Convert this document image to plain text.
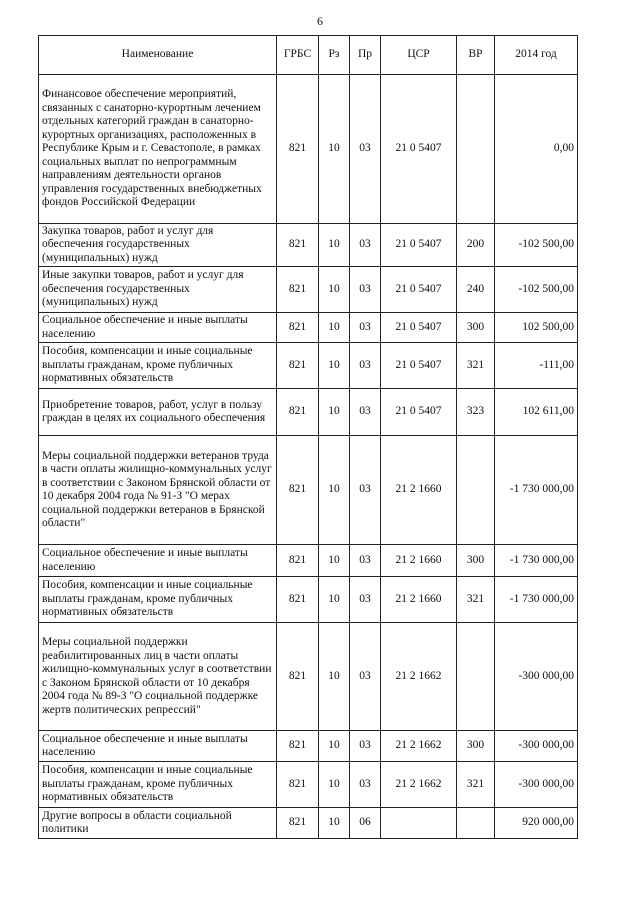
6
Наименование	ГРБС	Рз	Пр	ЦСР	ВР	2014 год
Финансовое обеспечение мероприятий, связанных с санаторно-курортным лечением отдельных категорий граждан в санаторно-курортных организациях, расположенных в Республике Крым и г. Севастополе, в рамках социальных выплат по непрограммным направлениям деятельности органов управления государственных внебюджетных фондов Российской Федерации	821	10	03	21 0 5407		0,00
Закупка товаров, работ и услуг для обеспечения государственных (муниципальных) нужд	821	10	03	21 0 5407	200	-102 500,00
Иные закупки товаров, работ и услуг для обеспечения государственных (муниципальных) нужд	821	10	03	21 0 5407	240	-102 500,00
Социальное обеспечение и иные выплаты населению	821	10	03	21 0 5407	300	102 500,00
Пособия, компенсации и иные социальные выплаты гражданам, кроме публичных нормативных обязательств	821	10	03	21 0 5407	321	-111,00
Приобретение товаров, работ, услуг в пользу граждан в целях их социального обеспечения	821	10	03	21 0 5407	323	102 611,00
Меры социальной поддержки ветеранов труда в части оплаты жилищно-коммунальных услуг в соответствии с Законом Брянской области от 10 декабря 2004 года № 91-З "О мерах социальной поддержки ветеранов в Брянской области"	821	10	03	21 2 1660		-1 730 000,00
Социальное обеспечение и иные выплаты населению	821	10	03	21 2 1660	300	-1 730 000,00
Пособия, компенсации и иные социальные выплаты гражданам, кроме публичных нормативных обязательств	821	10	03	21 2 1660	321	-1 730 000,00
Меры социальной поддержки реабилитированных лиц в части оплаты жилищно-коммунальных услуг в соответствии с Законом Брянской области от 10 декабря 2004 года № 89-З "О социальной поддержке жертв политических репрессий"	821	10	03	21 2 1662		-300 000,00
Социальное обеспечение и иные выплаты населению	821	10	03	21 2 1662	300	-300 000,00
Пособия, компенсации и иные социальные выплаты гражданам, кроме публичных нормативных обязательств	821	10	03	21 2 1662	321	-300 000,00
Другие вопросы в области социальной политики	821	10	06			920 000,00
